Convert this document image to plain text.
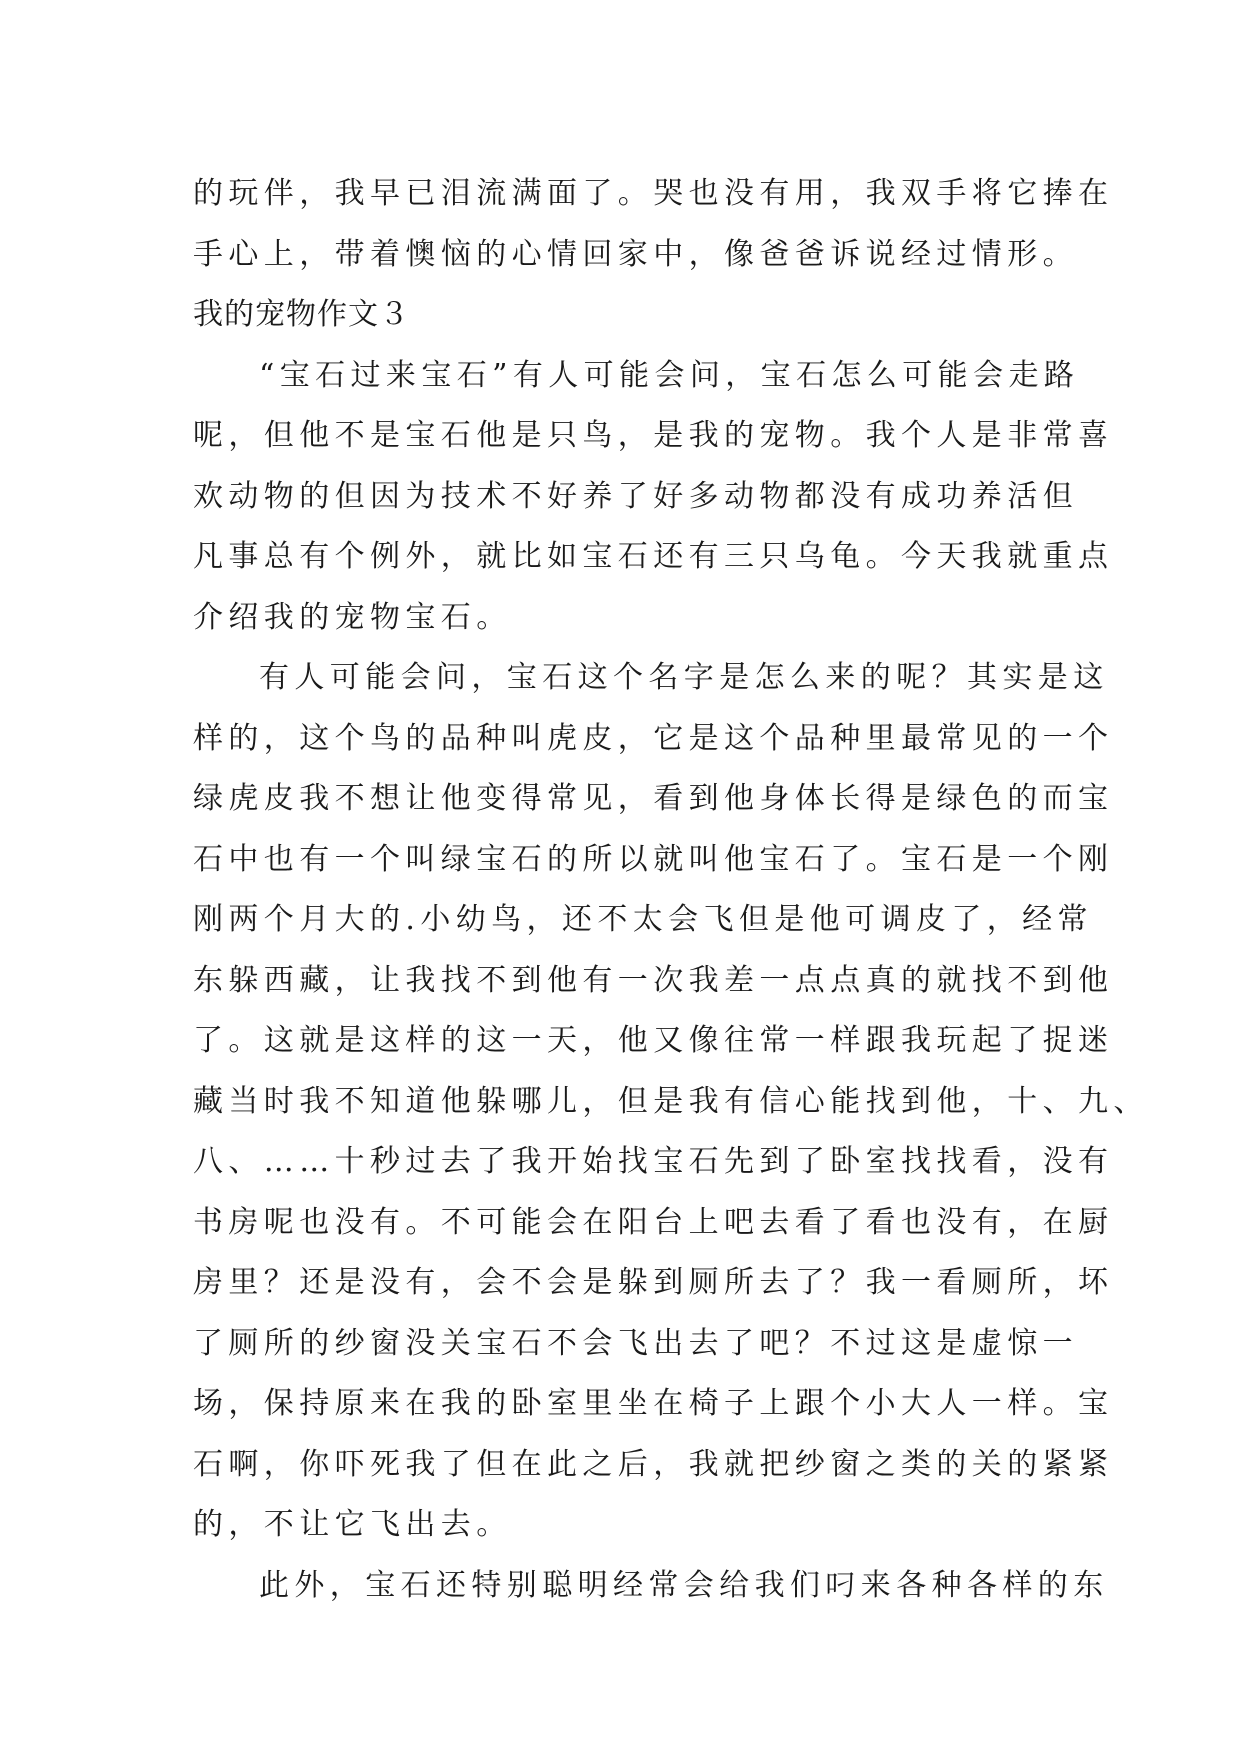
的玩伴，我早已泪流满面了。哭也没有用，我双手将它捧在
手心上，带着懊恼的心情回家中，像爸爸诉说经过情形。
我的宠物作文３
“宝石过来宝石”有人可能会问，宝石怎么可能会走路
呢，但他不是宝石他是只鸟，是我的宠物。我个人是非常喜
欢动物的但因为技术不好养了好多动物都没有成功养活但
凡事总有个例外，就比如宝石还有三只乌龟。今天我就重点
介绍我的宠物宝石。
有人可能会问，宝石这个名字是怎么来的呢？其实是这
样的，这个鸟的品种叫虎皮，它是这个品种里最常见的一个
绿虎皮我不想让他变得常见，看到他身体长得是绿色的而宝
石中也有一个叫绿宝石的所以就叫他宝石了。宝石是一个刚
刚两个月大的.小幼鸟，还不太会飞但是他可调皮了，经常
东躲西藏，让我找不到他有一次我差一点点真的就找不到他
了。这就是这样的这一天，他又像往常一样跟我玩起了捉迷
藏当时我不知道他躲哪儿，但是我有信心能找到他，十、九、
八、……十秒过去了我开始找宝石先到了卧室找找看，没有
书房呢也没有。不可能会在阳台上吧去看了看也没有，在厨
房里？还是没有，会不会是躲到厕所去了？我一看厕所，坏
了厕所的纱窗没关宝石不会飞出去了吧？不过这是虚惊一
场，保持原来在我的卧室里坐在椅子上跟个小大人一样。宝
石啊，你吓死我了但在此之后，我就把纱窗之类的关的紧紧
的，不让它飞出去。
此外，宝石还特别聪明经常会给我们叼来各种各样的东
